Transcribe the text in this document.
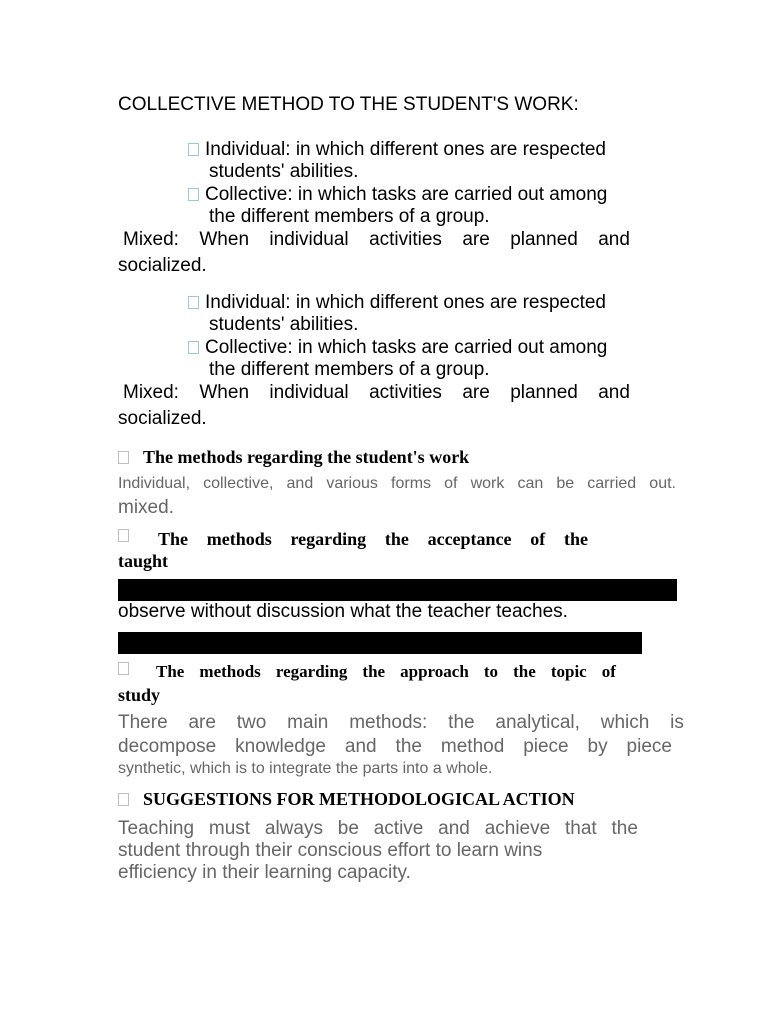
COLLECTIVE METHOD TO THE STUDENT'S WORK:
Individual: in which different ones are respected
students' abilities.
Collective: in which tasks are carried out among
the different members of a group.
Mixed: When individual activities are planned and
socialized.
Individual: in which different ones are respected
students' abilities.
Collective: in which tasks are carried out among
the different members of a group.
Mixed: When individual activities are planned and
socialized.
The methods regarding the student's work
Individual, collective, and various forms of work can be carried out.
mixed.
The methods regarding the acceptance of the
taught
observe without discussion what the teacher teaches.
The methods regarding the approach to the topic of
study
There are two main methods: the analytical, which is
decompose knowledge and the method piece by piece
synthetic, which is to integrate the parts into a whole.
SUGGESTIONS FOR METHODOLOGICAL ACTION
Teaching must always be active and achieve that the
student through their conscious effort to learn wins
efficiency in their learning capacity.
